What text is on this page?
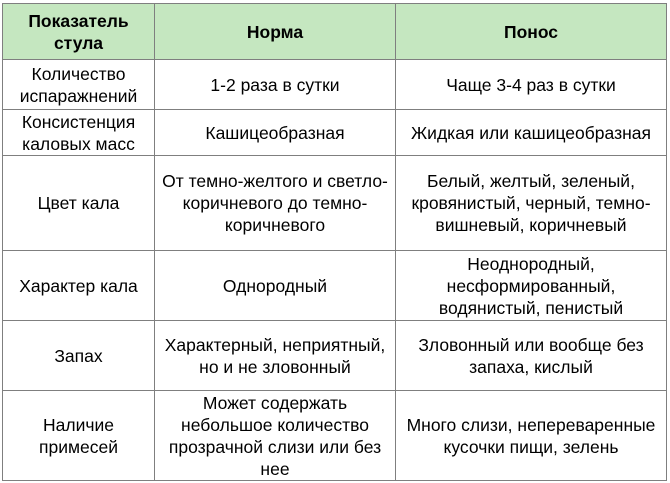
Показатель стула	Норма	Понос
Количество испаражнений	1-2 раза в сутки	Чаще 3-4 раз в сутки
Консистенция каловых масс	Кашицеобразная	Жидкая или кашицеобразная
Цвет кала	От темно-желтого и светло-коричневого до темно-коричневого	Белый, желтый, зеленый, кровянистый, черный, темно-вишневый, коричневый
Характер кала	Однородный	Неоднородный, несформированный, водянистый, пенистый
Запах	Характерный, неприятный, но и не зловонный	Зловонный или вообще без запаха, кислый
Наличие примесей	Может содержать небольшое количество прозрачной слизи или без нее	Много слизи, непереваренные кусочки пищи, зелень
